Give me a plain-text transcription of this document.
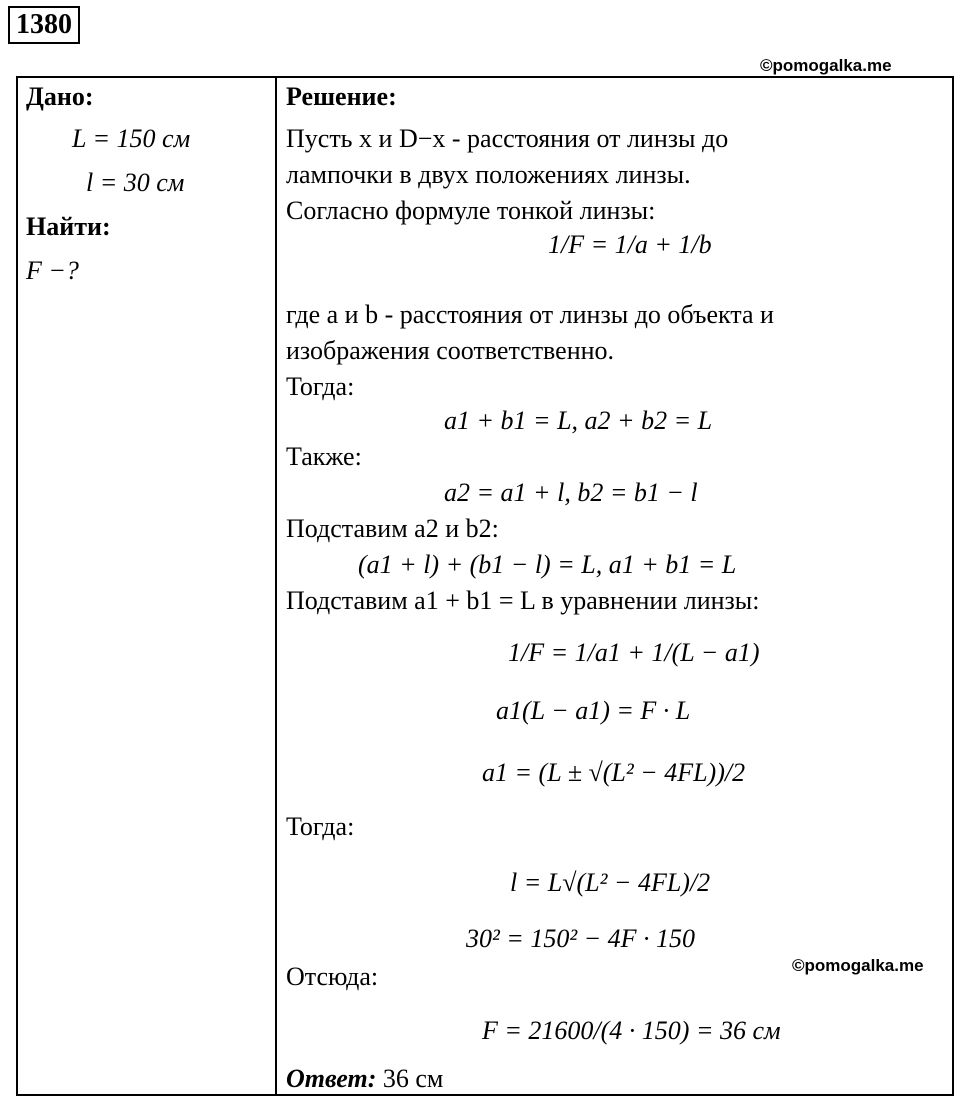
1380
©pomogalka.me
Дано:
L = 150 см
l = 30 см
Найти:
F −?
Решение:
Пусть x и D−x - расстояния от линзы до
лампочки в двух положениях линзы.
Согласно формуле тонкой линзы:
1/F = 1/a + 1/b
где a и b - расстояния от линзы до объекта и
изображения соответственно.
Тогда:
a1 + b1 = L, a2 + b2 = L
Также:
a2 = a1 + l, b2 = b1 − l
Подставим a2 и b2:
(a1 + l) + (b1 − l) = L, a1 + b1 = L
Подставим a1 + b1 = L в уравнении линзы:
1/F = 1/a1 + 1/(L − a1)
a1(L − a1) = F · L
a1 = (L ± √(L² − 4FL))/2
Тогда:
l = L√(L² − 4FL)/2
30² = 150² − 4F · 150
©pomogalka.me
Отсюда:
F = 21600/(4 · 150) = 36 см
Ответ: 36 см
